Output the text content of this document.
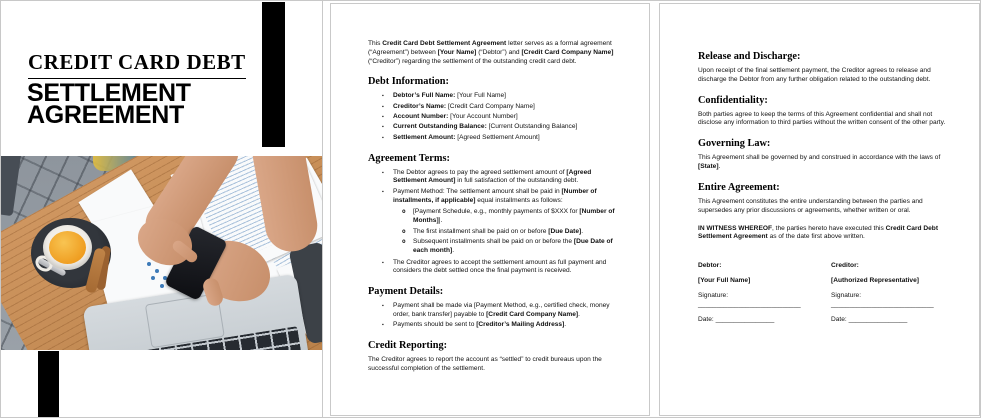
CREDIT CARD DEBT
SETTLEMENT
AGREEMENT

This Credit Card Debt Settlement Agreement letter serves as a formal agreement (“Agreement”) between [Your Name] (“Debtor”) and [Credit Card Company Name] (“Creditor”) regarding the settlement of the outstanding credit card debt.

Debt Information:
▪	Debtor’s Full Name: [Your Full Name]
▪	Creditor’s Name: [Credit Card Company Name]
▪	Account Number: [Your Account Number]
▪	Current Outstanding Balance: [Current Outstanding Balance]
▪	Settlement Amount: [Agreed Settlement Amount]
Agreement Terms:
▪	The Debtor agrees to pay the agreed settlement amount of [Agreed Settlement Amount] in full satisfaction of the outstanding debt.
▪	Payment Method: The settlement amount shall be paid in [Number of installments, if applicable] equal installments as follows:
o	[Payment Schedule, e.g., monthly payments of $XXX for [Number of Months]].
o	The first installment shall be paid on or before [Due Date].
o	Subsequent installments shall be paid on or before the [Due Date of each month].
▪	The Creditor agrees to accept the settlement amount as full payment and considers the debt settled once the final payment is received.
Payment Details:
▪	Payment shall be made via [Payment Method, e.g., certified check, money order, bank transfer] payable to [Credit Card Company Name].
▪	Payments should be sent to [Creditor’s Mailing Address].
Credit Reporting:

The Creditor agrees to report the account as “settled” to credit bureaus upon the successful completion of the settlement.

Release and Discharge:

Upon receipt of the final settlement payment, the Creditor agrees to release and discharge the Debtor from any further obligation related to the outstanding debt.

Confidentiality:

Both parties agree to keep the terms of this Agreement confidential and shall not disclose any information to third parties without the written consent of the other party.

Governing Law:

This Agreement shall be governed by and construed in accordance with the laws of [State].

Entire Agreement:

This Agreement constitutes the entire understanding between the parties and supersedes any prior discussions or agreements, whether written or oral.

IN WITNESS WHEREOF, the parties hereto have executed this Credit Card Debt Settlement Agreement as of the date first above written.

Debtor:

[Your Full Name]

Signature: ____________________________

Date: ________________

Creditor:

[Authorized Representative]

Signature: ____________________________

Date: ________________
